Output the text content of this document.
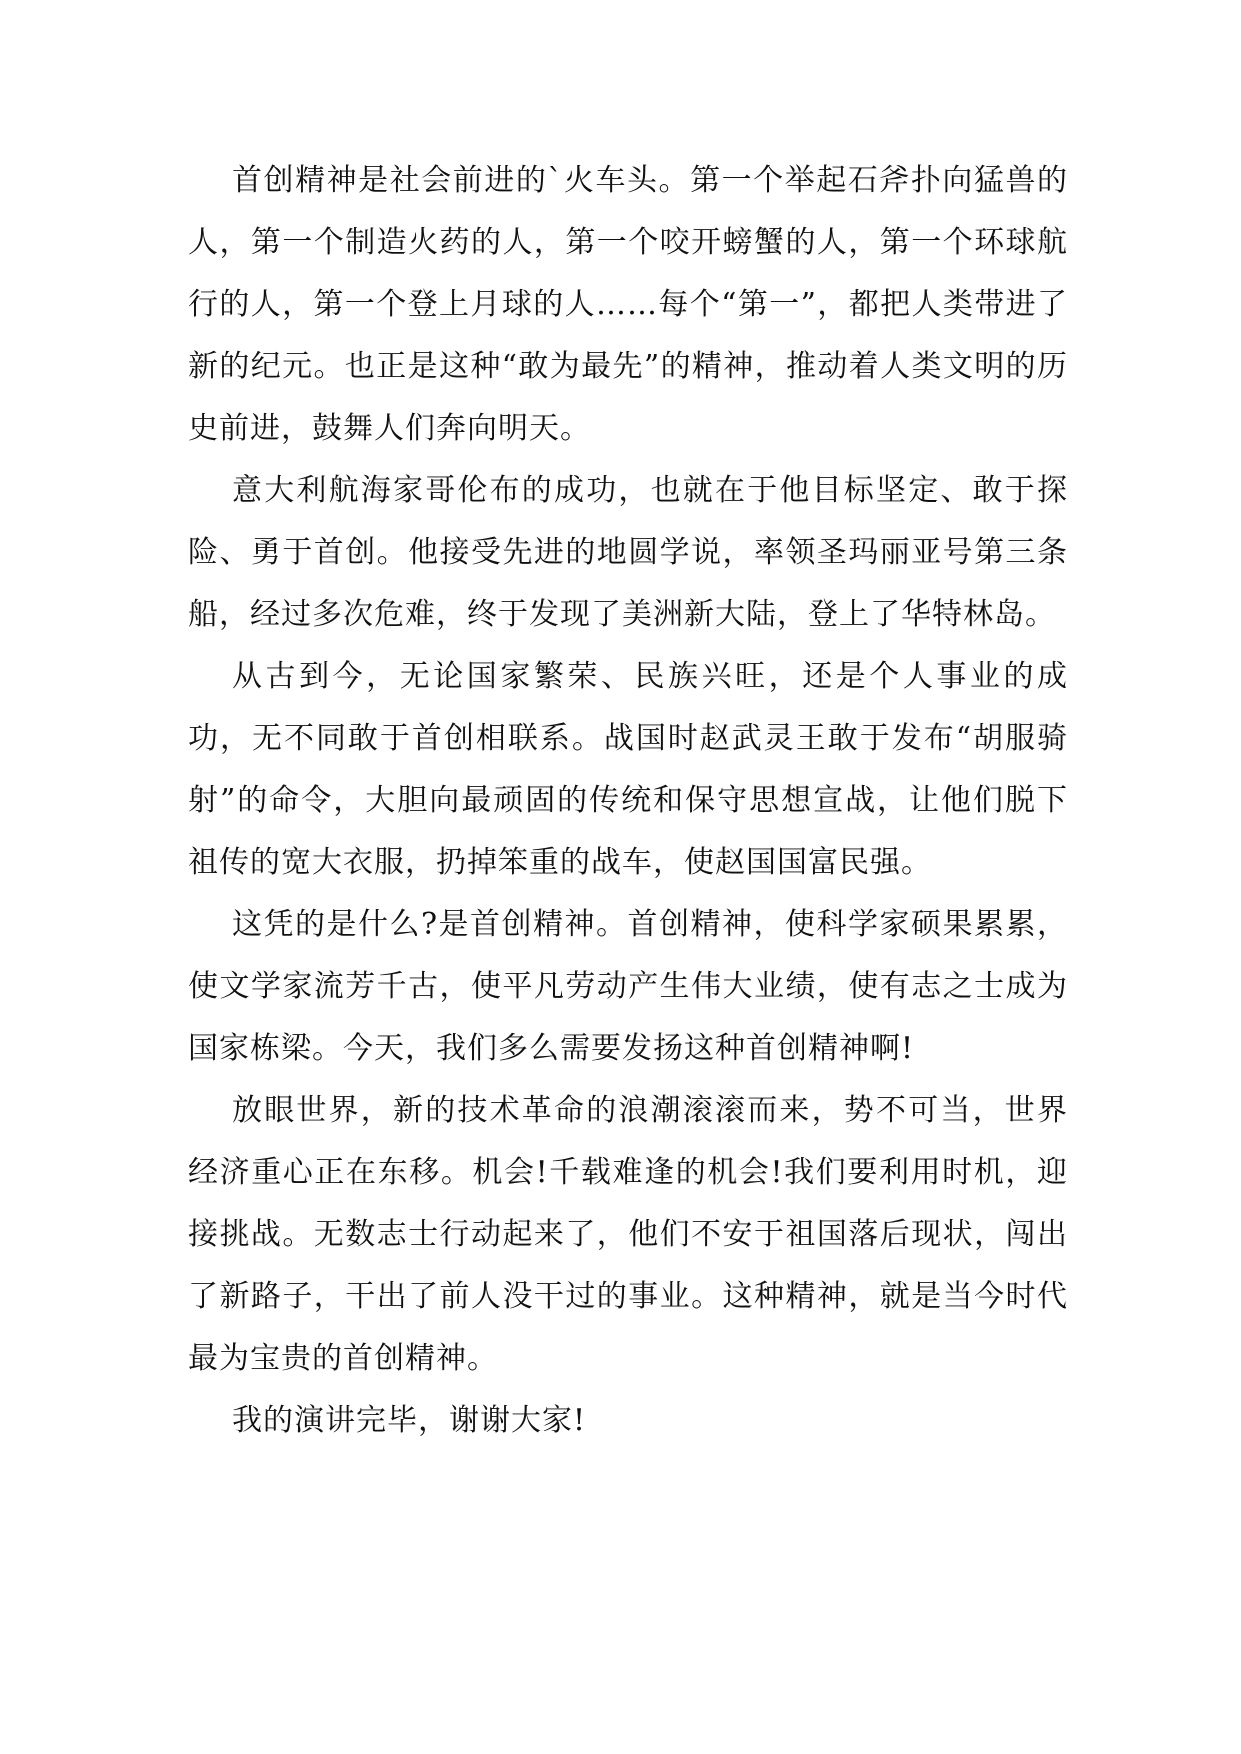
首创精神是社会前进的`火车头。第一个举起石斧扑向猛兽的人，第一个制造火药的人，第一个咬开螃蟹的人，第一个环球航行的人，第一个登上月球的人……每个“第一”，都把人类带进了新的纪元。也正是这种“敢为最先”的精神，推动着人类文明的历史前进，鼓舞人们奔向明天。

意大利航海家哥伦布的成功，也就在于他目标坚定、敢于探险、勇于首创。他接受先进的地圆学说，率领圣玛丽亚号第三条船，经过多次危难，终于发现了美洲新大陆，登上了华特林岛。

从古到今，无论国家繁荣、民族兴旺，还是个人事业的成功，无不同敢于首创相联系。战国时赵武灵王敢于发布“胡服骑射”的命令，大胆向最顽固的传统和保守思想宣战，让他们脱下祖传的宽大衣服，扔掉笨重的战车，使赵国国富民强。

这凭的是什么?是首创精神。首创精神，使科学家硕果累累，使文学家流芳千古，使平凡劳动产生伟大业绩，使有志之士成为国家栋梁。今天，我们多么需要发扬这种首创精神啊!

放眼世界，新的技术革命的浪潮滚滚而来，势不可当，世界经济重心正在东移。机会!千载难逢的机会!我们要利用时机，迎接挑战。无数志士行动起来了，他们不安于祖国落后现状，闯出了新路子，干出了前人没干过的事业。这种精神，就是当今时代最为宝贵的首创精神。

我的演讲完毕，谢谢大家!
